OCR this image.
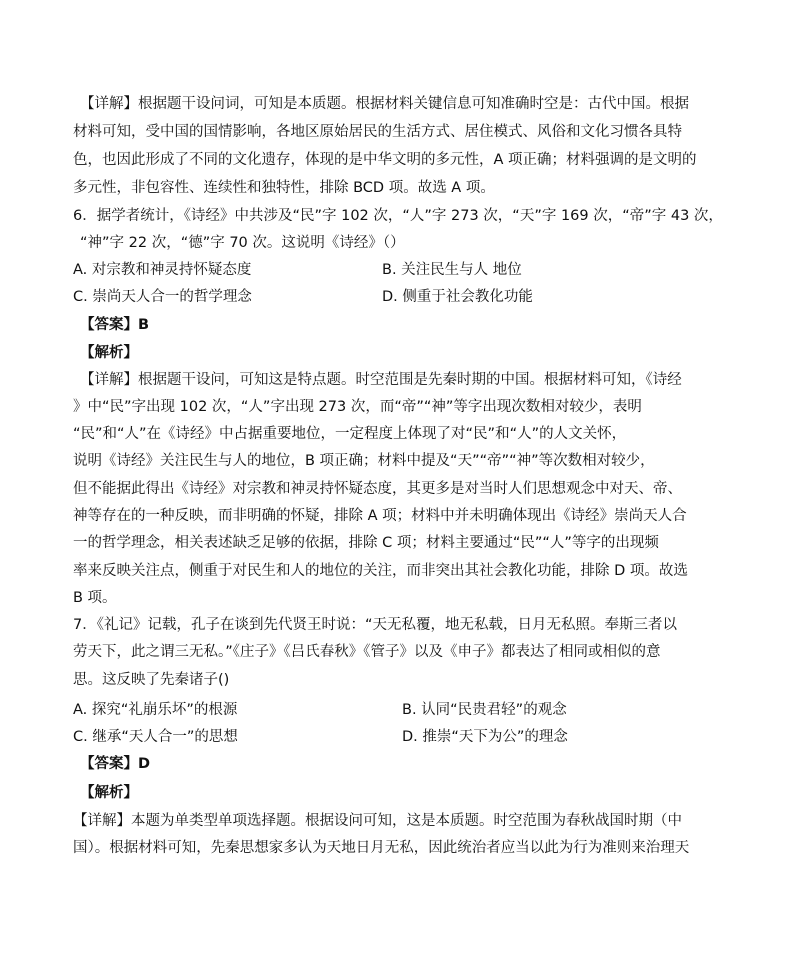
【详解】根据题干设问词，可知是本质题。根据材料关键信息可知准确时空是：古代中国。根据
材料可知，受中国的国情影响，各地区原始居民的生活方式、居住模式、风俗和文化习惯各具特
色，也因此形成了不同的文化遗存，体现的是中华文明的多元性，A 项正确；材料强调的是文明的
多元性，非包容性、连续性和独特性，排除 BCD 项。故选 A 项。
6．据学者统计，《诗经》中共涉及“民”字 102 次，“人”字 273 次，“天”字 169 次，“帝”字 43 次，
“神”字 22 次，“德”字 70 次。这说明《诗经》（）
A. 对宗教和神灵持怀疑态度	B. 关注民生与人 地位
C. 崇尚天人合一的哲学理念	D. 侧重于社会教化功能
【答案】B
【解析】
【详解】根据题干设问，可知这是特点题。时空范围是先秦时期的中国。根据材料可知，《诗经
》中“民”字出现 102 次，“人”字出现 273 次，而“帝”“神”等字出现次数相对较少，表明
“民”和“人”在《诗经》中占据重要地位，一定程度上体现了对“民”和“人”的人文关怀，
说明《诗经》关注民生与人的地位，B 项正确；材料中提及“天”“帝”“神”等次数相对较少，
但不能据此得出《诗经》对宗教和神灵持怀疑态度，其更多是对当时人们思想观念中对天、帝、
神等存在的一种反映，而非明确的怀疑，排除 A 项；材料中并未明确体现出《诗经》崇尚天人合
一的哲学理念，相关表述缺乏足够的依据，排除 C 项；材料主要通过“民”“人”等字的出现频
率来反映关注点，侧重于对民生和人的地位的关注，而非突出其社会教化功能，排除 D 项。故选
B 项。
7．《礼记》记载，孔子在谈到先代贤王时说：“天无私覆，地无私载，日月无私照。奉斯三者以
劳天下，此之谓三无私。”《庄子》《吕氏春秋》《管子》以及《申子》都表达了相同或相似的意
思。这反映了先秦诸子()
A. 探究“礼崩乐坏”的根源	B. 认同“民贵君轻”的观念
C. 继承“天人合一”的思想	D. 推崇“天下为公”的理念
【答案】D
【解析】
【详解】本题为单类型单项选择题。根据设问可知，这是本质题。时空范围为春秋战国时期（中
国）。根据材料可知，先秦思想家多认为天地日月无私，因此统治者应当以此为行为准则来治理天
